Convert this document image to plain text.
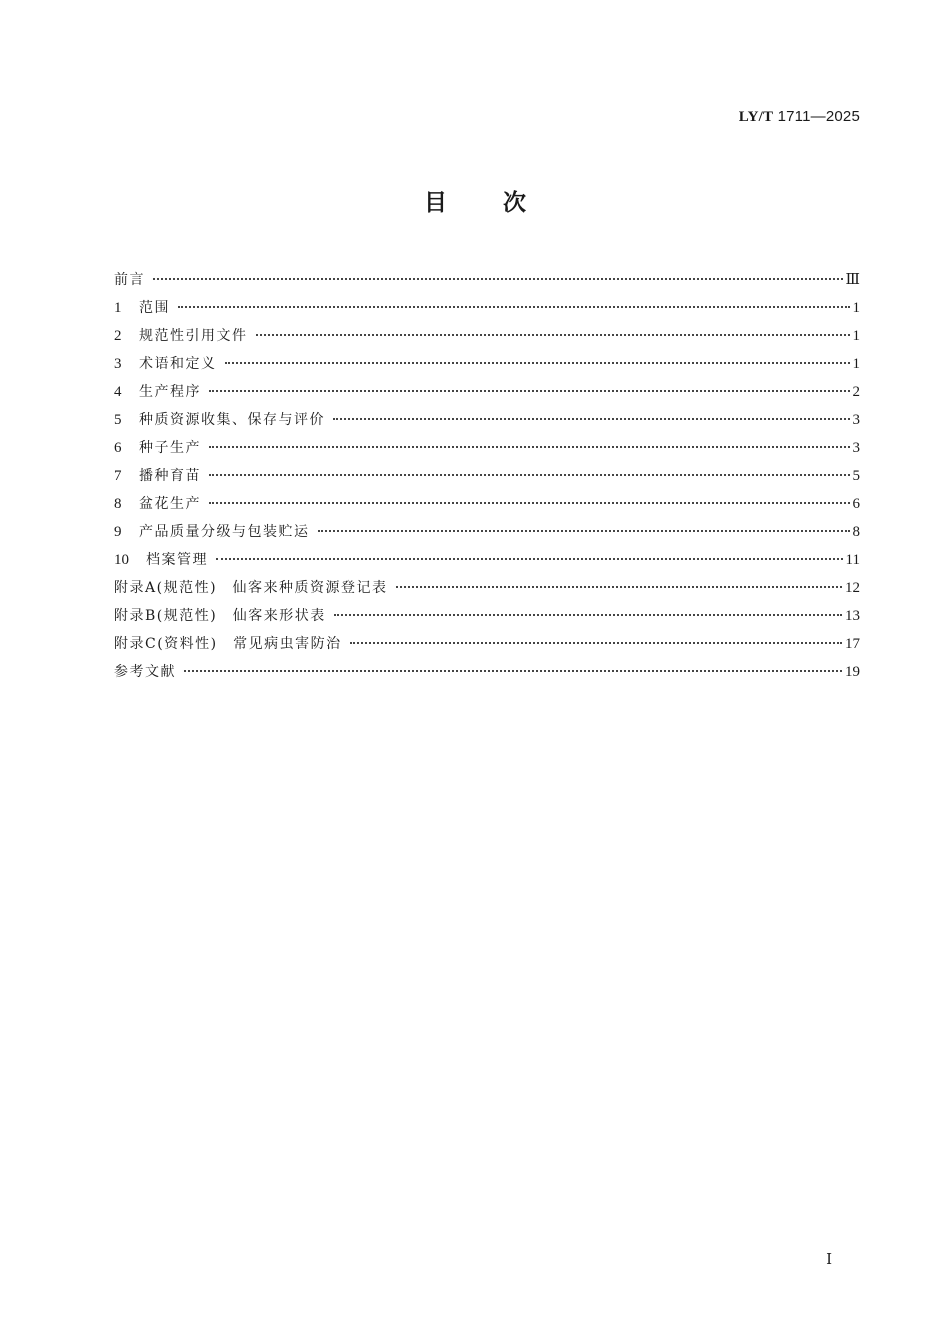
LY/T 1711—2025
目次
前言	Ⅲ
1	范围	1
2	规范性引用文件	1
3	术语和定义	1
4	生产程序	2
5	种质资源收集、保存与评价	3
6	种子生产	3
7	播种育苗	5
8	盆花生产	6
9	产品质量分级与包装贮运	8
10	档案管理	11
附录A(规范性)　仙客来种质资源登记表	12
附录B(规范性)　仙客来形状表	13
附录C(资料性)　常见病虫害防治	17
参考文献	19
Ⅰ
